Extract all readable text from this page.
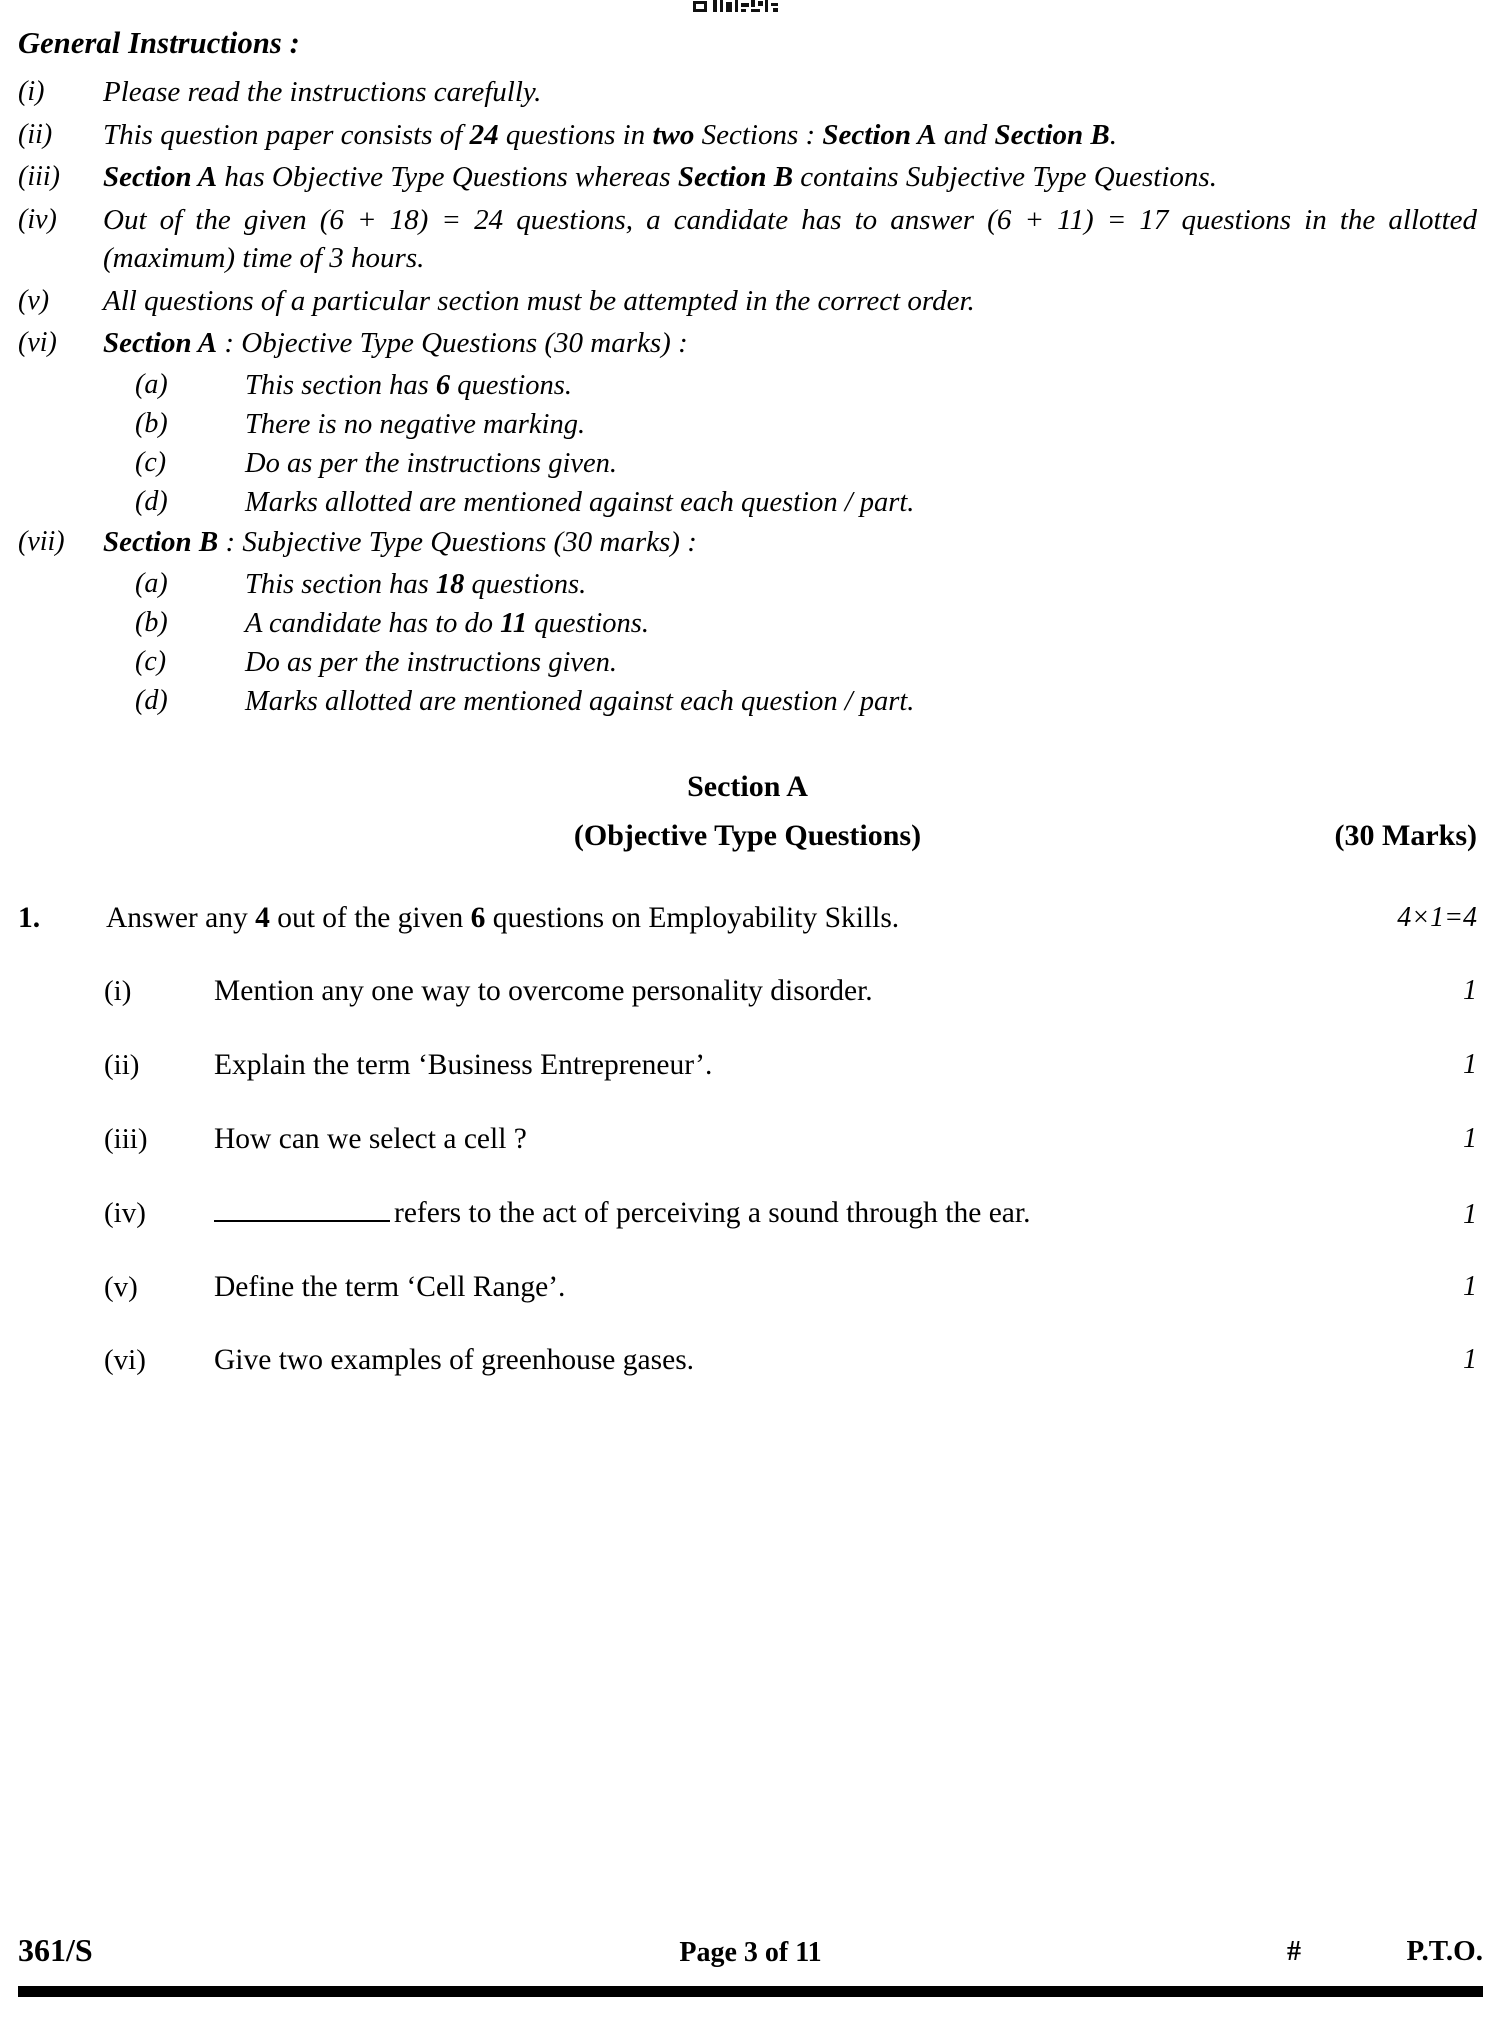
General Instructions :
(i)	Please read the instructions carefully.
(ii)	This question paper consists of 24 questions in two Sections : Section A and Section B.
(iii)	Section A has Objective Type Questions whereas Section B contains Subjective Type Questions.
(iv)	Out of the given (6 + 18) = 24 questions, a candidate has to answer (6 + 11) = 17 questions in the allotted (maximum) time of 3 hours.
(v)	All questions of a particular section must be attempted in the correct order.
(vi)	Section A : Objective Type Questions (30 marks) :
(a)	This section has 6 questions.
(b)	There is no negative marking.
(c)	Do as per the instructions given.
(d)	Marks allotted are mentioned against each question / part.
(vii)	Section B : Subjective Type Questions (30 marks) :
(a)	This section has 18 questions.
(b)	A candidate has to do 11 questions.
(c)	Do as per the instructions given.
(d)	Marks allotted are mentioned against each question / part.
Section A
(Objective Type Questions)	(30 Marks)
1.	Answer any 4 out of the given 6 questions on Employability Skills.	4×1=4
(i)	Mention any one way to overcome personality disorder.	1
(ii)	Explain the term ‘Business Entrepreneur’.	1
(iii)	How can we select a cell ?	1
(iv)	refers to the act of perceiving a sound through the ear.	1
(v)	Define the term ‘Cell Range’.	1
(vi)	Give two examples of greenhouse gases.	1
361/S	Page 3 of 11	#	P.T.O.
